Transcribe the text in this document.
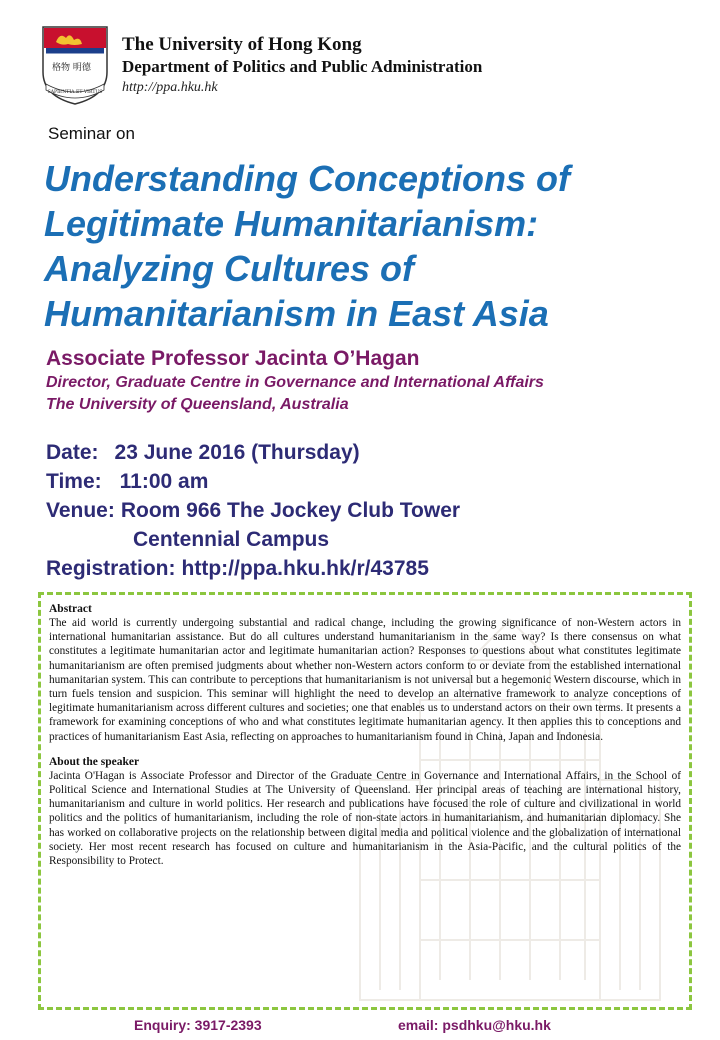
格物 明德
SAPIENTIA ET VIRTUS
The University of Hong Kong
Department of Politics and Public Administration
http://ppa.hku.hk
Seminar on
Understanding Conceptions of
Legitimate Humanitarianism:
Analyzing Cultures of
Humanitarianism in East Asia
Associate Professor Jacinta O’Hagan
Director, Graduate Centre in Governance and International Affairs
The University of Queensland, Australia
Date: 23 June 2016 (Thursday)
Time: 11:00 am
Venue: Room 966 The Jockey Club Tower
Centennial Campus
Registration: http://ppa.hku.hk/r/43785
Abstract

The aid world is currently undergoing substantial and radical change, including the growing significance of non-Western actors in international humanitarian assistance. But do all cultures understand humanitarianism in the same way? Is there consensus on what constitutes a legitimate humanitarian actor and legitimate humanitarian action? Responses to questions about what constitutes legitimate humanitarianism are often premised judgments about whether non-Western actors conform to or deviate from the established international humanitarian system. This can contribute to perceptions that humanitarianism is not universal but a hegemonic Western discourse, which in turn fuels tension and suspicion. This seminar will highlight the need to develop an alternative framework to analyze conceptions of legitimate humanitarianism across different cultures and societies; one that enables us to understand actors on their own terms. It presents a framework for examining conceptions of who and what constitutes legitimate humanitarian agency. It then applies this to conceptions and practices of humanitarianism East Asia, reflecting on approaches to humanitarianism found in China, Japan and Indonesia.

About the speaker

Jacinta O'Hagan is Associate Professor and Director of the Graduate Centre in Governance and International Affairs, in the School of Political Science and International Studies at The University of Queensland. Her principal areas of teaching are international history, humanitarianism and culture in world politics. Her research and publications have focused the role of culture and civilizational in world politics and the politics of humanitarianism, including the role of non-state actors in humanitarianism, and humanitarian diplomacy. She has worked on collaborative projects on the relationship between digital media and political violence and the globalization of international society. Her most recent research has focused on culture and humanitarianism in the Asia-Pacific, and the cultural politics of the Responsibility to Protect.

Enquiry: 3917-2393	email: psdhku@hku.hk
